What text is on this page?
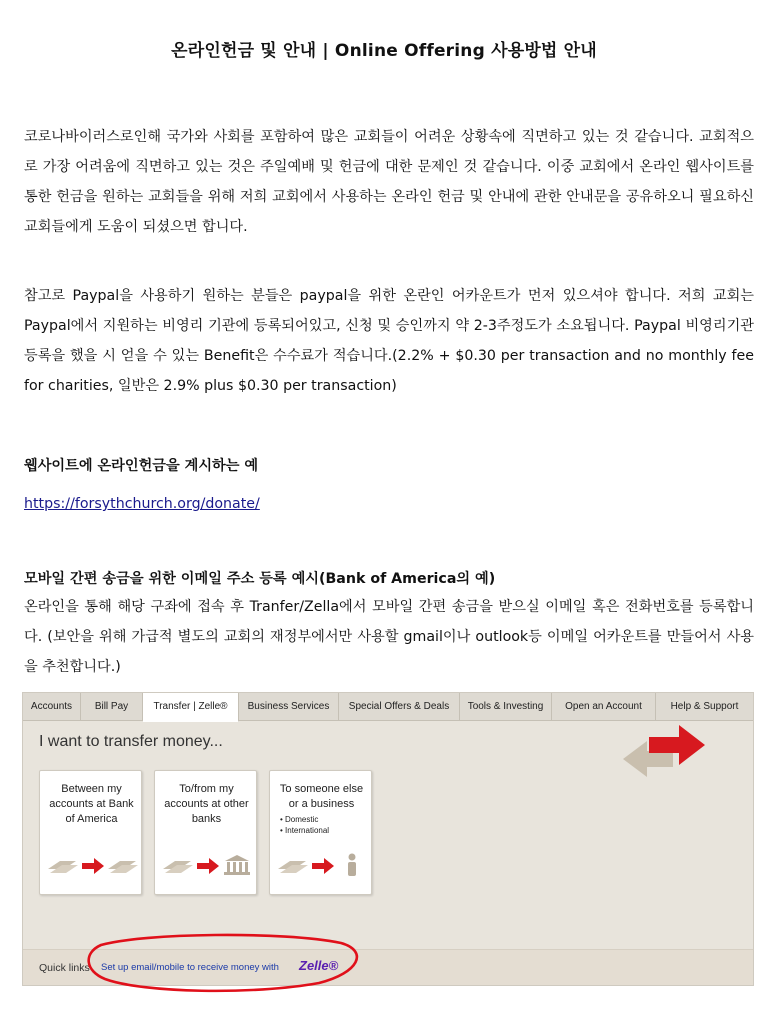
온라인헌금 및 안내 | Online Offering 사용방법 안내

코로나바이러스로인해 국가와 사회를 포함하여 많은 교회들이 어려운 상황속에 직면하고 있는 것 같습니다. 교회적으로 가장 어려움에 직면하고 있는 것은 주일예배 및 헌금에 대한 문제인 것 같습니다. 이중 교회에서 온라인 웹사이트를 통한 헌금을 원하는 교회들을 위해 저희 교회에서 사용하는 온라인 헌금 및 안내에 관한 안내문을 공유하오니 필요하신 교회들에게 도움이 되셨으면 합니다.

참고로 Paypal을 사용하기 원하는 분들은 paypal을 위한 온란인 어카운트가 먼저 있으셔야 합니다. 저희 교회는 Paypal에서 지원하는 비영리 기관에 등록되어있고, 신청 및 승인까지 약 2-3주정도가 소요됩니다. Paypal 비영리기관 등록을 했을 시 얻을 수 있는 Benefit은 수수료가 적습니다.(2.2% + $0.30 per transaction and no monthly fee for charities, 일반은 2.9% plus $0.30 per transaction)

웹사이트에 온라인헌금을 계시하는 예
https://forsythchurch.org/donate/
모바일 간편 송금을 위한 이메일 주소 등록 예시(Bank of America의 예)

온라인을 통해 해당 구좌에 접속 후 Tranfer/Zella에서 모바일 간편 송금을 받으실 이메일 혹은 전화번호를 등록합니다. (보안을 위해 가급적 별도의 교회의 재정부에서만 사용할 gmail이나 outlook등 이메일 어카운트를 만들어서 사용을 추천합니다.)

Accounts	Bill Pay	Transfer | Zelle®	Business Services	Special Offers & Deals	Tools & Investing	Open an Account	Help & Support
I want to transfer money...
Between my accounts at Bank of America
To/from my accounts at other banks
To someone else or a business
• Domestic
• International
Quick links Set up email/mobile to receive money with Zelle®
